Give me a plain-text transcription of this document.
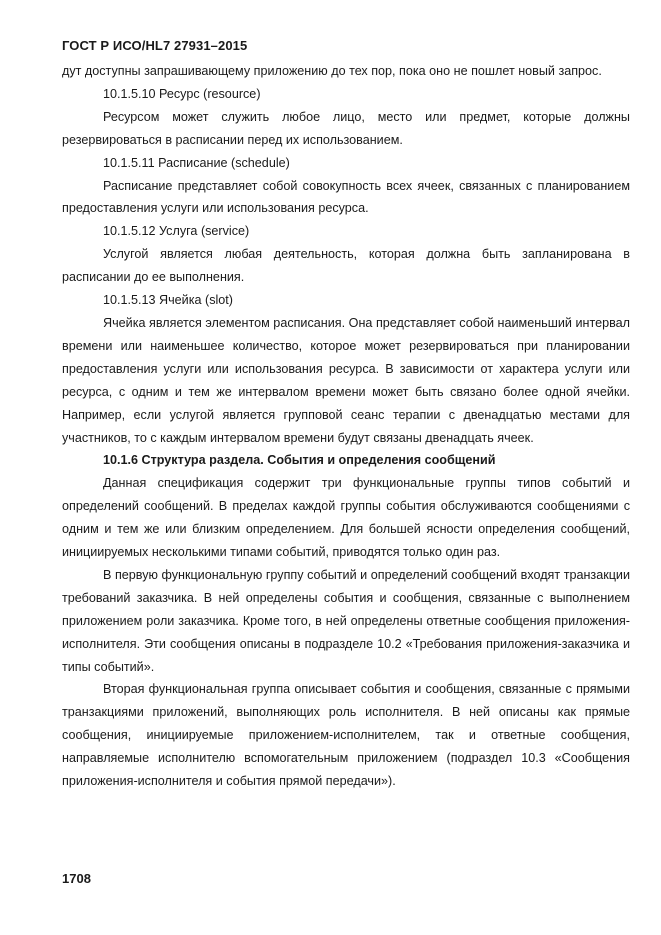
ГОСТ Р ИСО/HL7 27931–2015

дут доступны запрашивающему приложению до тех пор, пока оно не пошлет новый запрос.

10.1.5.10 Ресурс (resource)

Ресурсом может служить любое лицо, место или предмет, которые должны резервироваться в расписании перед их использованием.

10.1.5.11 Расписание (schedule)

Расписание представляет собой совокупность всех ячеек, связанных с планированием предоставления услуги или использования ресурса.

10.1.5.12 Услуга (service)

Услугой является любая деятельность, которая должна быть запланирована в расписании до ее выполнения.

10.1.5.13 Ячейка (slot)

Ячейка является элементом расписания. Она представляет собой наименьший интервал времени или наименьшее количество, которое может резервироваться при планировании предоставления услуги или использования ресурса. В зависимости от характера услуги или ресурса, с одним и тем же интервалом времени может быть связано более одной ячейки. Например, если услугой является групповой сеанс терапии с двенадцатью местами для участников, то с каждым интервалом времени будут связаны двенадцать ячеек.

10.1.6 Структура раздела. События и определения сообщений

Данная спецификация содержит три функциональные группы типов событий и определений сообщений. В пределах каждой группы события обслуживаются сообщениями с одним и тем же или близким определением. Для большей ясности определения сообщений, инициируемых несколькими типами событий, приводятся только один раз.

В первую функциональную группу событий и определений сообщений входят транзакции требований заказчика. В ней определены события и сообщения, связанные с выполнением приложением роли заказчика. Кроме того, в ней определены ответные сообщения приложения-исполнителя. Эти сообщения описаны в подразделе 10.2 «Требования приложения-заказчика и типы событий».

Вторая функциональная группа описывает события и сообщения, связанные с прямыми транзакциями приложений, выполняющих роль исполнителя. В ней описаны как прямые сообщения, инициируемые приложением-исполнителем, так и ответные сообщения, направляемые исполнителю вспомогательным приложением (подраздел 10.3 «Сообщения приложения-исполнителя и события прямой передачи»).

1708
